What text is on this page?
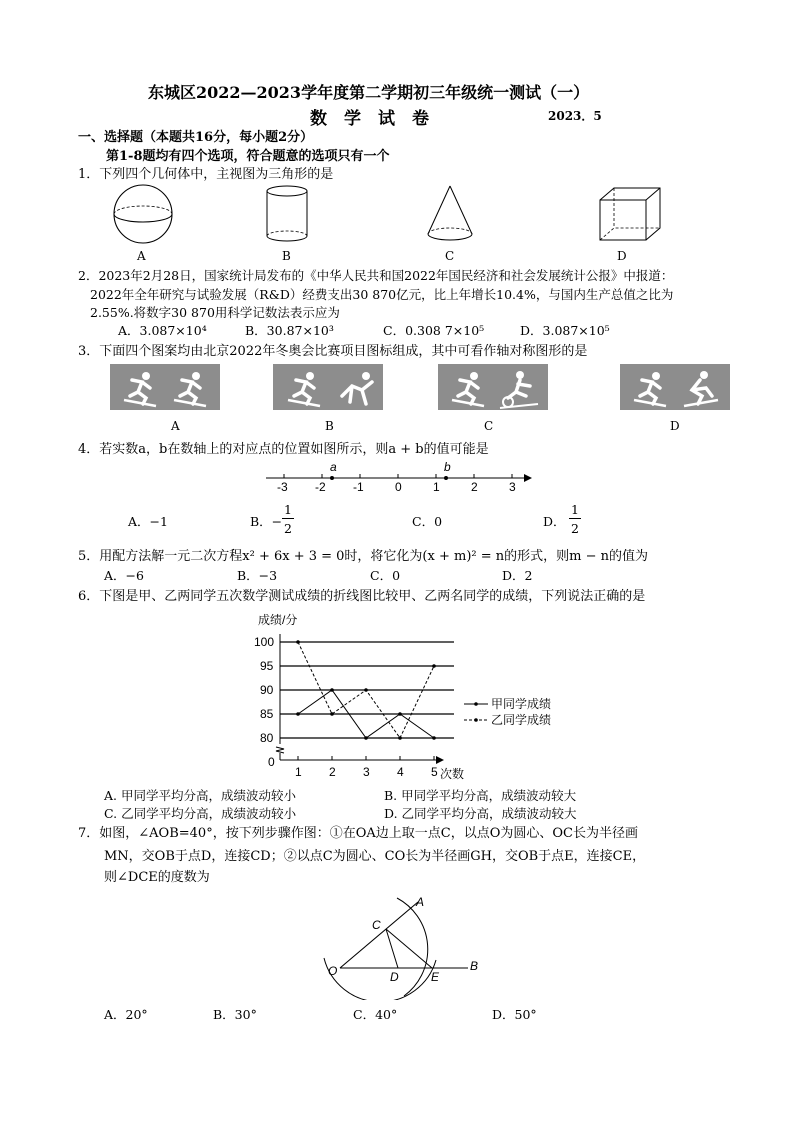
东城区2022—2023学年度第二学期初三年级统一测试（一）
数　学　试　卷	2023．5
一、选择题（本题共16分，每小题2分）
第1-8题均有四个选项，符合题意的选项只有一个
1．下列四个几何体中，主视图为三角形的是
A	B	C	D
2．2023年2月28日，国家统计局发布的《中华人民共和国2022年国民经济和社会发展统计公报》中报道：
2022年全年研究与试验发展（R&D）经费支出30 870亿元，比上年增长10.4%，与国内生产总值之比为
2.55%.将数字30 870用科学记数法表示应为
A．3.087×10⁴	B．30.87×10³	C．0.308 7×10⁵	D．3.087×10⁵
3．下面四个图案均由北京2022年冬奥会比赛项目图标组成，其中可看作轴对称图形的是
A	B	C	D
4．若实数a，b在数轴上的对应点的位置如图所示，则a + b的值可能是
-3 -2 -1	0	1	2	3
a	b
A．−1	B．−
1
2	C．0	D．
1
2
5．用配方法解一元二次方程x² + 6x + 3 = 0时，将它化为(x + m)² = n的形式，则m − n的值为
A．−6	B．−3	C．0	D．2
6．下图是甲、乙两同学五次数学测试成绩的折线图比较甲、乙两名同学的成绩，下列说法正确的是
成绩/分
次数
80
85
90
95
100
0
1 2 3 4 5
甲同学成绩
乙同学成绩
A. 甲同学平均分高，成绩波动较小	B. 甲同学平均分高，成绩波动较大
C. 乙同学平均分高，成绩波动较小	D. 乙同学平均分高，成绩波动较大
7．如图，∠AOB=40°，按下列步骤作图：①在OA边上取一点C，以点O为圆心、OC长为半径画
MN，交OB于点D，连接CD；②以点C为圆心、CO长为半径画GH，交OB于点E，连接CE，
则∠DCE的度数为
O
A
B
C
D	E
A．20°	B．30°	C．40°	D．50°
